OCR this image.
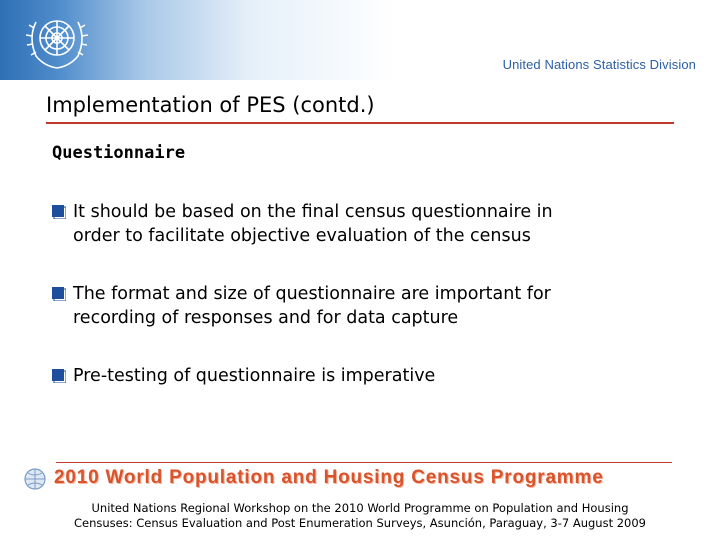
United Nations Statistics Division
Implementation of PES (contd.)
Questionnaire
It should be based on the final census questionnaire in
order to facilitate objective evaluation of the census
The format and size of questionnaire are important for
recording of responses and for data capture
Pre-testing of questionnaire is imperative
2010 World Population and Housing Census Programme
United Nations Regional Workshop on the 2010 World Programme on Population and Housing
Censuses: Census Evaluation and Post Enumeration Surveys, Asunción, Paraguay, 3-7 August 2009
